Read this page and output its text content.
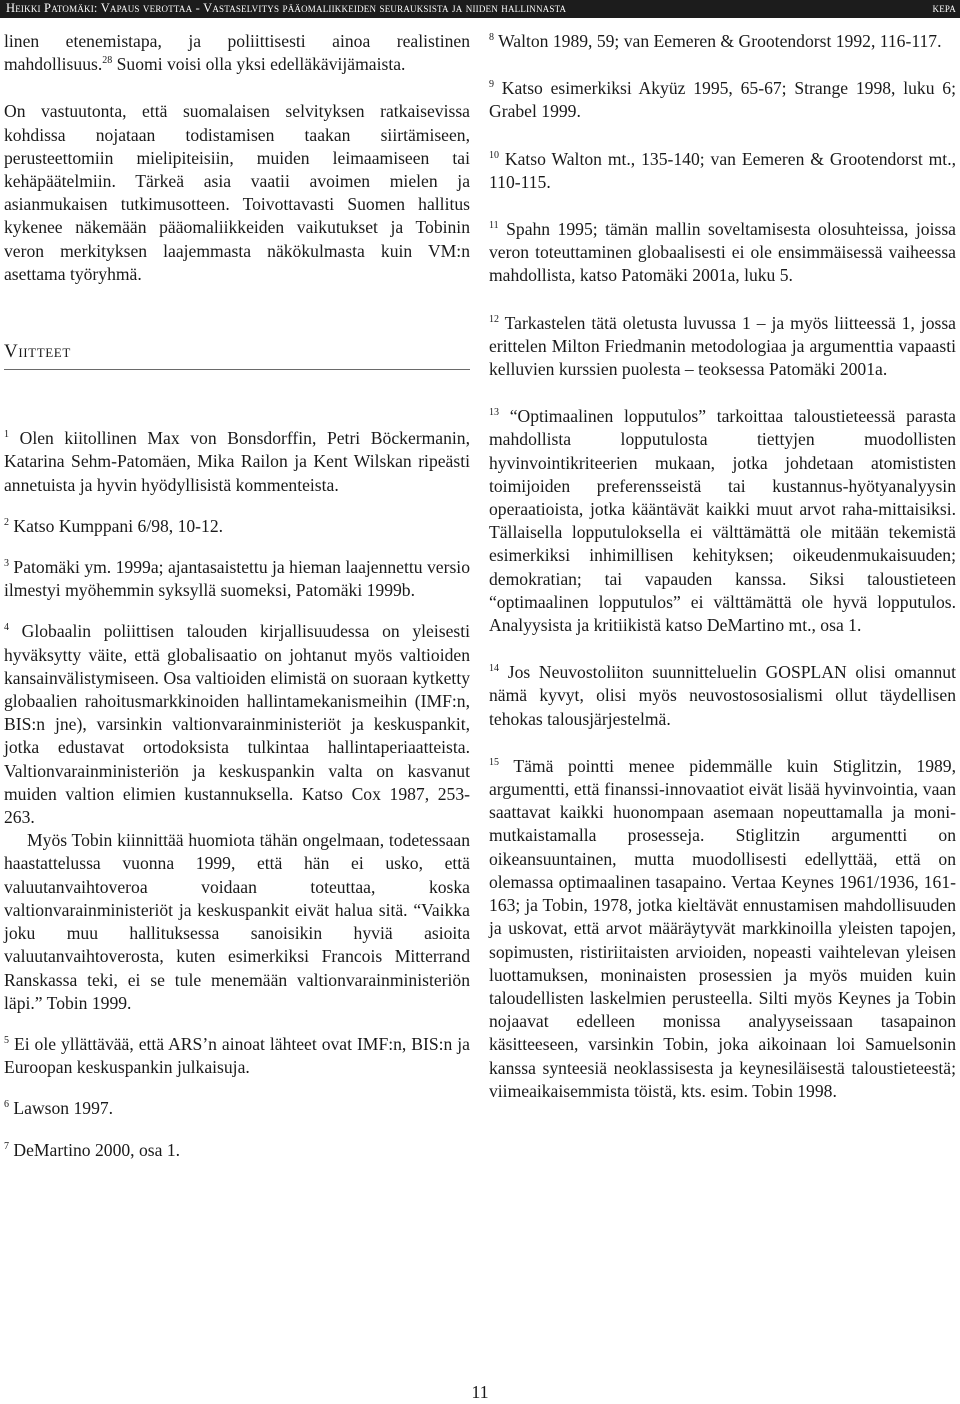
Heikki Patomäki: Vapaus verottaa - Vastaselvitys pääomaliikkeiden seurauksista ja niiden hallinnasta	kepa

linen etenemistapa, ja poliittisesti ainoa realistinen mahdollisuus.$^{28}$ Suomi voisi olla yksi edelläkävijämaista.

On vastuutonta, että suomalaisen selvityksen ratkaisevissa kohdissa nojataan todistamisen taakan siirtämiseen, perusteettomiin mielipiteisiin, muiden leimaamiseen tai kehäpäätelmiin. Tärkeä asia vaatii avoimen mielen ja asianmukaisen tutkimusotteen. Toivottavasti Suomen hallitus kykenee näkemään pääomaliikkeiden vaikutukset ja Tobinin veron merkityksen laajemmasta näkökulmasta kuin VM:n asettama työryhmä.

Viitteet

$^1$ Olen kiitollinen Max von Bonsdorffin, Petri Böckermanin, Katarina Sehm-Patomäen, Mika Railon ja Kent Wilskan ripeästi annetuista ja hyvin hyödyllisistä kommenteista.

$^2$ Katso Kumppani 6/98, 10-12.

$^3$ Patomäki ym. 1999a; ajantasaistettu ja hieman laajennettu versio ilmestyi myöhemmin syksyllä suomeksi, Patomäki 1999b.

$^4$ Globaalin poliittisen talouden kirjallisuudessa on yleisesti hyväksytty väite, että globalisaatio on johtanut myös valtioiden kansainvälistymiseen. Osa valtioiden elimistä on suoraan kytketty globaalien rahoitusmarkkinoiden hallintamekanismeihin (IMF:n, BIS:n jne), varsinkin valtionvarainministeriöt ja keskuspankit, jotka edustavat ortodoksista tulkintaa hallintaperiaatteista. Valtionvarainministeriön ja keskuspankin valta on kasvanut muiden valtion elimien kustannuksella. Katso Cox 1987, 253-263.

Myös Tobin kiinnittää huomiota tähän ongelmaan, todetessaan haastattelussa vuonna 1999, että hän ei usko, että valuutanvaihtoveroa voidaan toteuttaa, koska valtionvarainministeriöt ja keskuspankit eivät halua sitä. “Vaikka joku muu hallituksessa sanoisikin hyviä asioita valuutanvaihtoverosta, kuten esimerkiksi Francois Mitterrand Ranskassa teki, ei se tule menemään valtionvarainministeriön läpi.” Tobin 1999.

$^5$ Ei ole yllättävää, että ARS’n ainoat lähteet ovat IMF:n, BIS:n ja Euroopan keskuspankin julkaisuja.

$^6$ Lawson 1997.

$^7$ DeMartino 2000, osa 1.

$^8$ Walton 1989, 59; van Eemeren & Grootendorst 1992, 116-117.

$^9$ Katso esimerkiksi Akyüz 1995, 65-67; Strange 1998, luku 6; Grabel 1999.

$^{10}$ Katso Walton mt., 135-140; van Eemeren & Grootendorst mt., 110-115.

$^{11}$ Spahn 1995; tämän mallin soveltamisesta olosuhteissa, joissa veron toteuttaminen globaalisesti ei ole ensimmäisessä vaiheessa mahdollista, katso Patomäki 2001a, luku 5.

$^{12}$ Tarkastelen tätä oletusta luvussa 1 – ja myös liitteessä 1, jossa erittelen Milton Friedmanin metodologiaa ja argumenttia vapaasti kelluvien kurssien puolesta – teoksessa Patomäki 2001a.

$^{13}$ “Optimaalinen lopputulos” tarkoittaa taloustieteessä parasta mahdollista lopputulosta tiettyjen muodollisten hyvinvointikriteerien mukaan, jotka johdetaan atomististen toimijoiden preferensseistä tai kustannus-hyötyanalyysin operaatioista, jotka kääntävät kaikki muut arvot raha-mittaisiksi. Tällaisella lopputuloksella ei välttämättä ole mitään tekemistä esimerkiksi inhimillisen kehityksen; oikeudenmukaisuuden; demokratian; tai vapauden kanssa. Siksi taloustieteen “optimaalinen lopputulos” ei välttämättä ole hyvä lopputulos. Analyysista ja kritiikistä katso DeMartino mt., osa 1.

$^{14}$ Jos Neuvostoliiton suunnitteluelin GOSPLAN olisi omannut nämä kyvyt, olisi myös neuvostososialismi ollut täydellisen tehokas talousjärjestelmä.

$^{15}$ Tämä pointti menee pidemmälle kuin Stiglitzin, 1989, argumentti, että finanssi-innovaatiot eivät lisää hyvinvointia, vaan saattavat kaikki huonompaan asemaan nopeuttamalla ja monimutkaistamalla prosesseja. Stiglitzin argumentti on oikeansuuntainen, mutta muodollisesti edellyttää, että on olemassa optimaalinen tasapaino. Vertaa Keynes 1961/1936, 161-163; ja Tobin, 1978, jotka kieltävät ennustamisen mahdollisuuden ja uskovat, että arvot määräytyvät markkinoilla yleisten tapojen, sopimusten, ristiriitaisten arvioiden, nopeasti vaihtelevan yleisen luottamuksen, moninaisten prosessien ja myös muiden kuin taloudellisten laskelmien perusteella. Silti myös Keynes ja Tobin nojaavat edelleen monissa analyyseissaan tasapainon käsitteeseen, varsinkin Tobin, joka aikoinaan loi Samuelsonin kanssa synteesiä neoklassisesta ja keynesiläisestä taloustieteestä; viimeaikaisemmista töistä, kts. esim. Tobin 1998.

11
